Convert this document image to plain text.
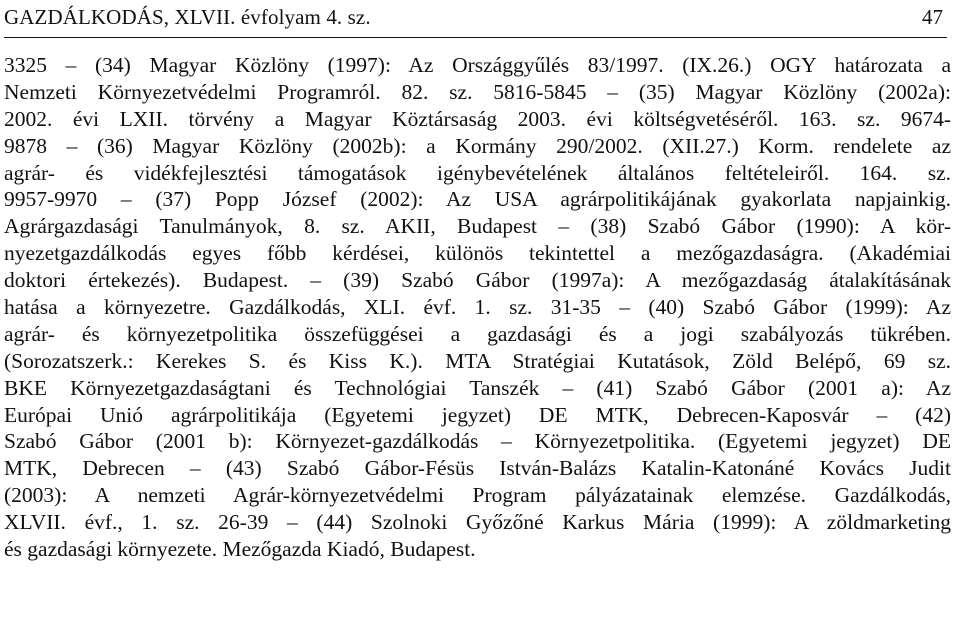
GAZDÁLKODÁS, XLVII. évfolyam 4. sz.	47
3325 – (34) Magyar Közlöny (1997): Az Országgyűlés 83/1997. (IX.26.) OGY határozata a
Nemzeti Környezetvédelmi Programról. 82. sz. 5816-5845 – (35) Magyar Közlöny (2002a):
2002. évi LXII. törvény a Magyar Köztársaság 2003. évi költségvetéséről. 163. sz. 9674-
9878 – (36) Magyar Közlöny (2002b): a Kormány 290/2002. (XII.27.) Korm. rendelete az
agrár- és vidékfejlesztési támogatások igénybevételének általános feltételeiről. 164. sz.
9957-9970 – (37) Popp József (2002): Az USA agrárpolitikájának gyakorlata napjainkig.
Agrárgazdasági Tanulmányok, 8. sz. AKII, Budapest – (38) Szabó Gábor (1990): A kör-
nyezetgazdálkodás egyes főbb kérdései, különös tekintettel a mezőgazdaságra. (Akadémiai
doktori értekezés). Budapest. – (39) Szabó Gábor (1997a): A mezőgazdaság átalakításának
hatása a környezetre. Gazdálkodás, XLI. évf. 1. sz. 31-35 – (40) Szabó Gábor (1999): Az
agrár- és környezetpolitika összefüggései a gazdasági és a jogi szabályozás tükrében.
(Sorozatszerk.: Kerekes S. és Kiss K.). MTA Stratégiai Kutatások, Zöld Belépő, 69 sz.
BKE Környezetgazdaságtani és Technológiai Tanszék – (41) Szabó Gábor (2001 a): Az
Európai Unió agrárpolitikája (Egyetemi jegyzet) DE MTK, Debrecen-Kaposvár – (42)
Szabó Gábor (2001 b): Környezet-gazdálkodás – Környezetpolitika. (Egyetemi jegyzet) DE
MTK, Debrecen – (43) Szabó Gábor-Fésüs István-Balázs Katalin-Katonáné Kovács Judit
(2003): A nemzeti Agrár-környezetvédelmi Program pályázatainak elemzése. Gazdálkodás,
XLVII. évf., 1. sz. 26-39 – (44) Szolnoki Győzőné Karkus Mária (1999): A zöldmarketing
és gazdasági környezete. Mezőgazda Kiadó, Budapest.
